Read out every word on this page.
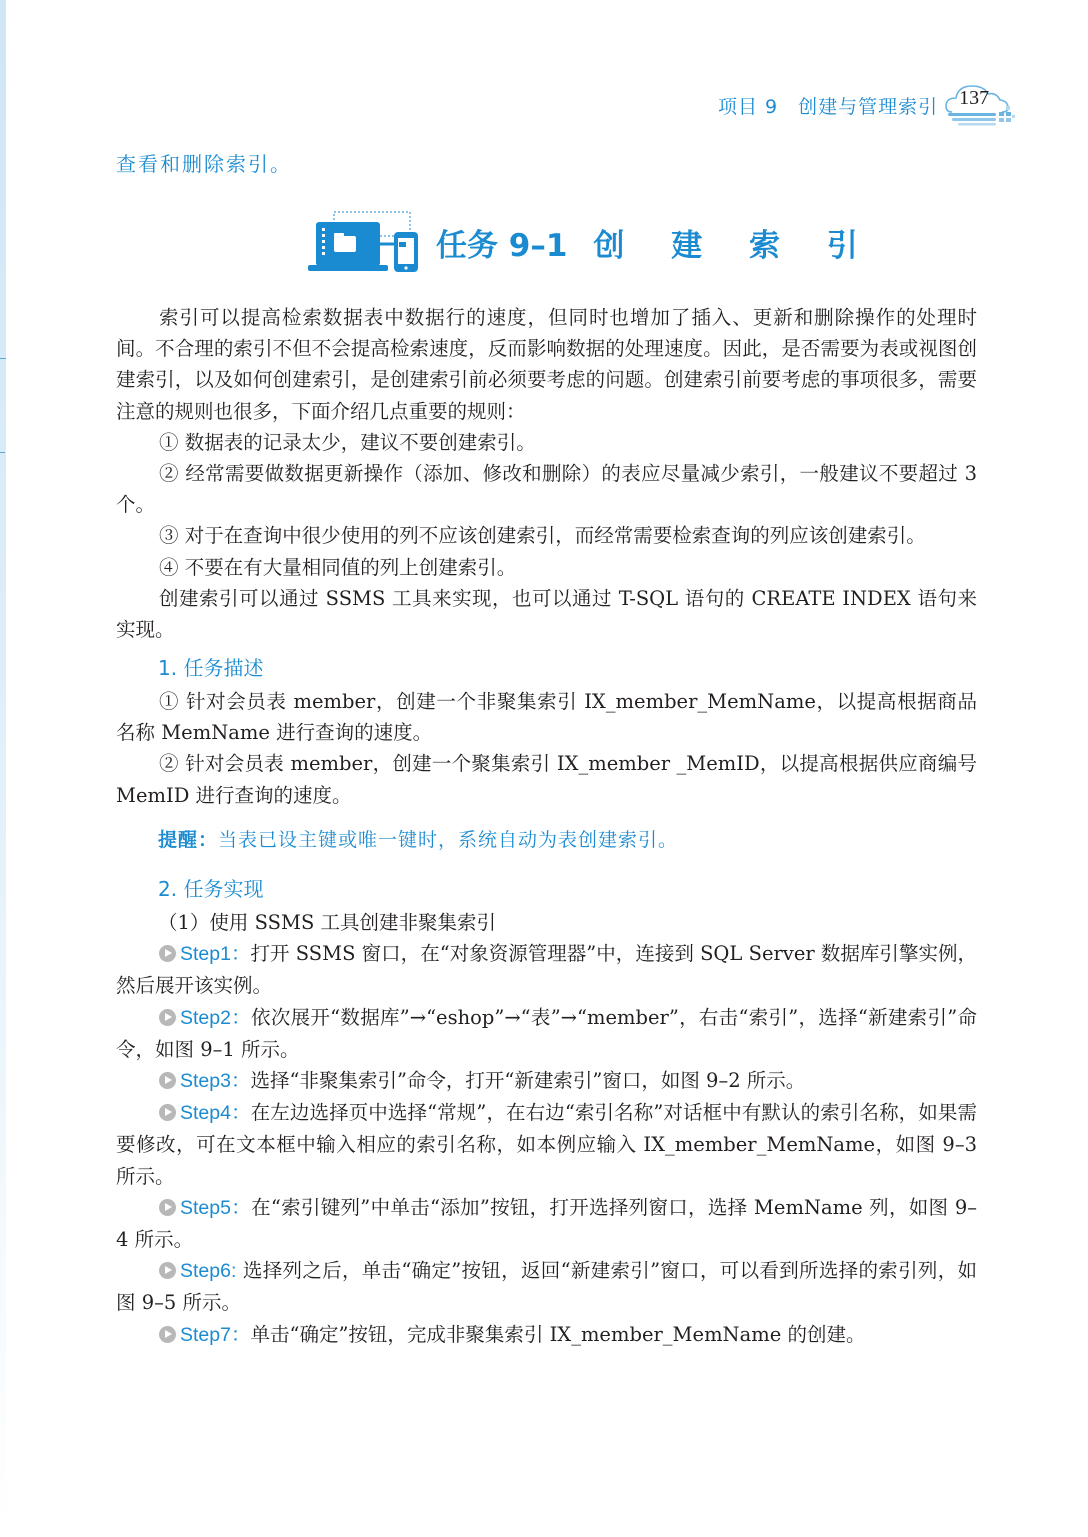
项目 9 创建与管理索引 137
查看和删除索引。
任务 9–1 创 建 索 引

索引可以提高检索数据表中数据行的速度，但同时也增加了插入、更新和删除操作的处理时间。不合理的索引不但不会提高检索速度，反而影响数据的处理速度。因此，是否需要为表或视图创建索引，以及如何创建索引，是创建索引前必须要考虑的问题。创建索引前要考虑的事项很多，需要注意的规则也很多，下面介绍几点重要的规则：

① 数据表的记录太少，建议不要创建索引。

② 经常需要做数据更新操作（添加、修改和删除）的表应尽量减少索引，一般建议不要超过 3 个。

③ 对于在查询中很少使用的列不应该创建索引，而经常需要检索查询的列应该创建索引。

④ 不要在有大量相同值的列上创建索引。

创建索引可以通过 SSMS 工具来实现，也可以通过 T-SQL 语句的 CREATE INDEX 语句来实现。

1. 任务描述

① 针对会员表 member，创建一个非聚集索引 IX_member_MemName，以提高根据商品名称 MemName 进行查询的速度。

② 针对会员表 member，创建一个聚集索引 IX_member _MemID，以提高根据供应商编号 MemID 进行查询的速度。

提醒：当表已设主键或唯一键时，系统自动为表创建索引。

2. 任务实现

（1）使用 SSMS 工具创建非聚集索引

Step1：打开 SSMS 窗口，在“对象资源管理器”中，连接到 SQL Server 数据库引擎实例，然后展开该实例。

Step2：依次展开“数据库”→“eshop”→“表”→“member”，右击“索引”，选择“新建索引”命令，如图 9–1 所示。

Step3：选择“非聚集索引”命令，打开“新建索引”窗口，如图 9–2 所示。

Step4：在左边选择页中选择“常规”，在右边“索引名称”对话框中有默认的索引名称，如果需要修改，可在文本框中输入相应的索引名称，如本例应输入 IX_member_MemName，如图 9–3 所示。

Step5：在“索引键列”中单击“添加”按钮，打开选择列窗口，选择 MemName 列，如图 9–4 所示。

Step6: 选择列之后，单击“确定”按钮，返回“新建索引”窗口，可以看到所选择的索引列，如图 9–5 所示。

Step7：单击“确定”按钮，完成非聚集索引 IX_member_MemName 的创建。
